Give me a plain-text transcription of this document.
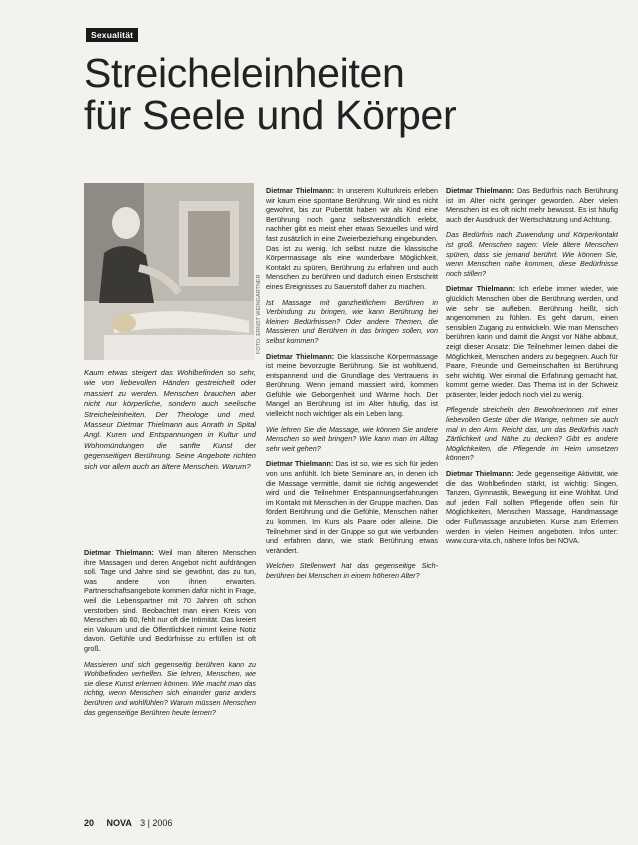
Sexualität
Streicheleinheiten
für Seele und Körper
FOTO: ERNST WEINGARTNER
Kaum etwas steigert das Wohlbefinden so sehr, wie von liebevollen Händen gestreichelt oder massiert zu werden. Menschen brauchen aber nicht nur körperliche, sondern auch seelische Streicheleinheiten. Der Theologe und med. Masseur Dietmar Thielmann aus Anrath in Spital Angl. Kuren und Entspannungen in Kultur und Wohnmündungen die sanfte Kunst der gegenseitigen Berührung. Seine Angebote richten sich vor allem auch an ältere Menschen. Warum?

Dietmar Thielmann: Weil man älteren Menschen ihre Massagen und deren Angebot nicht aufdrängen soll. Tage und Jahre sind sie gewöhnt, das zu tun, was andere von ihnen erwarten. Partnerschaftsangebote kommen dafür nicht in Frage, weil die Lebenspartner mit 70 Jahren oft schon verstorben sind. Beobachtet man einen Kreis von Menschen ab 60, fehlt nur oft die Intimität. Das kreiert ein Vakuum und die Öffentlichkeit nimmt keine Notiz davon. Gefühle und Bedürfnisse zu erfüllen ist oft groß.

Massieren und sich gegenseitig berühren kann zu Wohlbefinden verhelfen. Sie lehren, Menschen, wie sie diese Kunst erlernen können. Wie macht man das richtig, wenn Menschen sich einander ganz anders berühren und wohlfühlen? Warum müssen Menschen das gegenseitige Berühren heute lernen?

Dietmar Thielmann: In unserem Kulturkreis erleben wir kaum eine spontane Berührung. Wir sind es nicht gewohnt, bis zur Pubertät haben wir als Kind eine Berührung noch ganz selbstverständlich erlebt, nachher gibt es meist eher etwas Sexuelles und wird fast zusätzlich in eine Zweierbeziehung eingebunden. Das ist zu wenig. Ich selbst nutze die klassische Körpermassage als eine wunderbare Möglichkeit, Kontakt zu spüren, Berührung zu erfahren und auch Menschen zu berühren und dadurch einen Erstschritt eines Ereignisses zu Sauerstoff daher zu machen.

Ist Massage mit ganzheitlichem Berühren in Verbindung zu bringen, wie kann Berührung bei kleinen Bedürfnissen? Oder andere Themen, die Massieren und Berühren in das bringen sollen, von selbst kommen?

Dietmar Thielmann: Die klassische Körpermassage ist meine bevorzugte Berührung. Sie ist wohltuend, entspannend und die Grundlage des Vertrauens in Berührung. Wenn jemand massiert wird, kommen Gefühle wie Geborgenheit und Wärme hoch. Der Mangel an Berührung ist im Alter häufig, das ist vielleicht noch wichtiger als ein Leben lang.

Wie lehren Sie die Massage, wie können Sie andere Menschen so weit bringen? Wie kann man im Alltag sehr weit gehen?

Dietmar Thielmann: Das ist so, wie es sich für jeden von uns anfühlt. Ich biete Seminare an, in denen ich die Massage vermittle, damit sie richtig angewendet wird und die Teilnehmer Entspannungserfahrungen im Kontakt mit Menschen in der Gruppe machen. Das fördert Berührung und die Gefühle, Menschen näher zu kommen. Im Kurs als Paare oder alleine. Die Teilnehmer sind in der Gruppe so gut wie verbunden und erfahren dann, wie stark Berührung etwas verändert.

Welchen Stellenwert hat das gegenseitige Sich-berühren bei Menschen in einem höheren Alter?

Dietmar Thielmann: Das Bedürfnis nach Berührung ist im Alter nicht geringer geworden. Aber vielen Menschen ist es oft nicht mehr bewusst. Es ist häufig auch der Ausdruck der Wertschätzung und Achtung.

Das Bedürfnis nach Zuwendung und Körperkontakt ist groß. Menschen sagen: Viele ältere Menschen spüren, dass sie jemand berührt. Wie können Sie, wenn Menschen nahe kommen, diese Bedürfnisse noch stillen?

Dietmar Thielmann: Ich erlebe immer wieder, wie glücklich Menschen über die Berührung werden, und wie sehr sie aufleben. Berührung heißt, sich angenommen zu fühlen. Es geht darum, einen sensiblen Zugang zu entwickeln. Wie man Menschen berühren kann und damit die Angst vor Nähe abbaut, zeigt dieser Ansatz: Die Teilnehmer lernen dabei die Möglichkeit, Menschen anders zu begegnen. Auch für Paare, Freunde und Gemeinschaften ist Berührung sehr wichtig. Wer einmal die Erfahrung gemacht hat, kommt gerne wieder. Das Thema ist in der Schweiz präsenter, leider jedoch noch viel zu wenig.

Pflegende streicheln den Bewohnerinnen mit einer liebevollen Geste über die Wange, nehmen sie auch mal in den Arm. Reicht das, um das Bedürfnis nach Zärtlichkeit und Nähe zu decken? Gibt es andere Möglichkeiten, die Pflegende im Heim umsetzen können?

Dietmar Thielmann: Jede gegenseitige Aktivität, wie die das Wohlbefinden stärkt, ist wichtig: Singen, Tanzen, Gymnastik, Bewegung ist eine Wohltat. Und auf jeden Fall sollten Pflegende offen sein für Möglichkeiten, Menschen Massage, Handmassage oder Fußmassage anzubieten. Kurse zum Erlernen werden in vielen Heimen angeboten. Infos unter: www.cura-vita.ch, nähere Infos bei NOVA.

20 NOVA 3 | 2006
